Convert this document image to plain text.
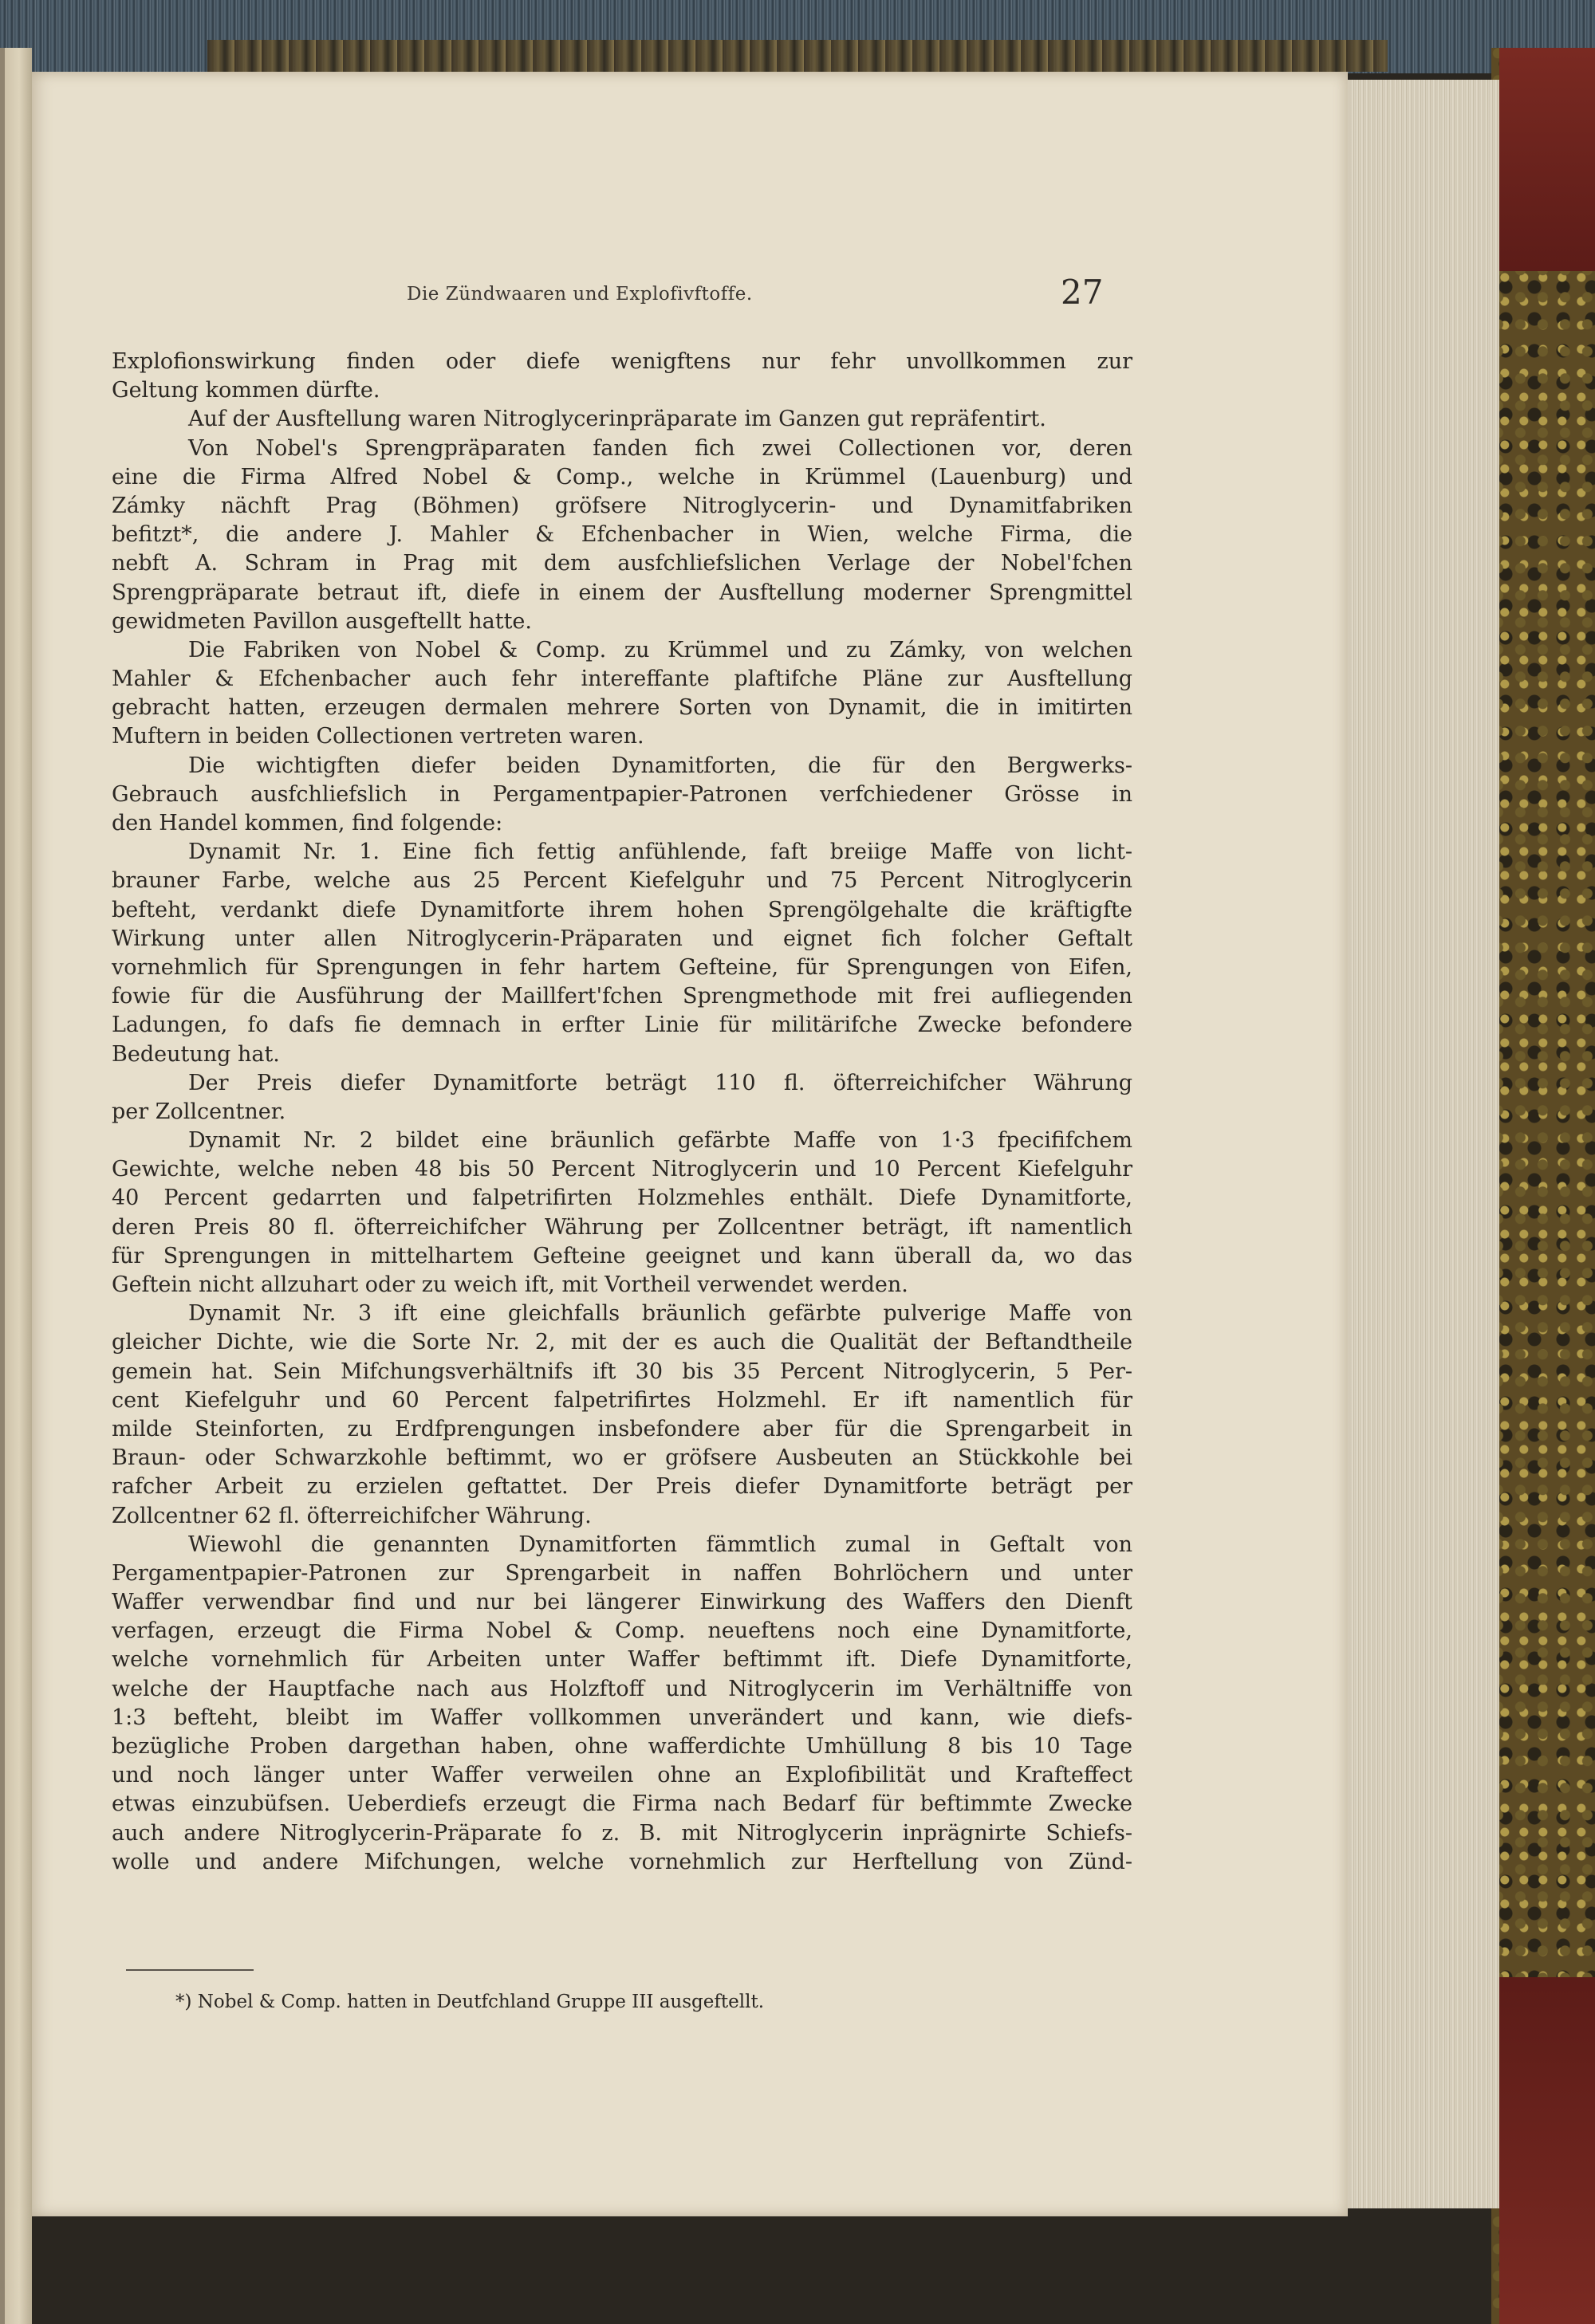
Die Zündwaaren und Explofivftoffe.	27
Explofionswirkung finden oder diefe wenigftens nur fehr unvollkommen zur
Geltung kommen dürfte.
Auf der Ausftellung waren Nitroglycerinpräparate im Ganzen gut repräfentirt.
Von Nobel's Sprengpräparaten fanden fich zwei Collectionen vor, deren
eine die Firma Alfred Nobel & Comp., welche in Krümmel (Lauenburg) und
Zámky nächft Prag (Böhmen) gröfsere Nitroglycerin- und Dynamitfabriken
befitzt*, die andere J. Mahler & Efchenbacher in Wien, welche Firma, die
nebft A. Schram in Prag mit dem ausfchliefslichen Verlage der Nobel'fchen
Sprengpräparate betraut ift, diefe in einem der Ausftellung moderner Sprengmittel
gewidmeten Pavillon ausgeftellt hatte.
Die Fabriken von Nobel & Comp. zu Krümmel und zu Zámky, von welchen
Mahler & Efchenbacher auch fehr intereffante plaftifche Pläne zur Ausftellung
gebracht hatten, erzeugen dermalen mehrere Sorten von Dynamit, die in imitirten
Muftern in beiden Collectionen vertreten waren.
Die wichtigften diefer beiden Dynamitforten, die für den Bergwerks-
Gebrauch ausfchliefslich in Pergamentpapier-Patronen verfchiedener Grösse in
den Handel kommen, find folgende:
Dynamit Nr. 1. Eine fich fettig anfühlende, faft breiige Maffe von licht-
brauner Farbe, welche aus 25 Percent Kiefelguhr und 75 Percent Nitroglycerin
befteht, verdankt diefe Dynamitforte ihrem hohen Sprengölgehalte die kräftigfte
Wirkung unter allen Nitroglycerin-Präparaten und eignet fich folcher Geftalt
vornehmlich für Sprengungen in fehr hartem Gefteine, für Sprengungen von Eifen,
fowie für die Ausführung der Maillfert'fchen Sprengmethode mit frei aufliegenden
Ladungen, fo dafs fie demnach in erfter Linie für militärifche Zwecke befondere
Bedeutung hat.
Der Preis diefer Dynamitforte beträgt 110 fl. öfterreichifcher Währung
per Zollcentner.
Dynamit Nr. 2 bildet eine bräunlich gefärbte Maffe von 1·3 fpecififchem
Gewichte, welche neben 48 bis 50 Percent Nitroglycerin und 10 Percent Kiefelguhr
40 Percent gedarrten und falpetrifirten Holzmehles enthält. Diefe Dynamitforte,
deren Preis 80 fl. öfterreichifcher Währung per Zollcentner beträgt, ift namentlich
für Sprengungen in mittelhartem Gefteine geeignet und kann überall da, wo das
Geftein nicht allzuhart oder zu weich ift, mit Vortheil verwendet werden.
Dynamit Nr. 3 ift eine gleichfalls bräunlich gefärbte pulverige Maffe von
gleicher Dichte, wie die Sorte Nr. 2, mit der es auch die Qualität der Beftandtheile
gemein hat. Sein Mifchungsverhältnifs ift 30 bis 35 Percent Nitroglycerin, 5 Per-
cent Kiefelguhr und 60 Percent falpetrifirtes Holzmehl. Er ift namentlich für
milde Steinforten, zu Erdfprengungen insbefondere aber für die Sprengarbeit in
Braun- oder Schwarzkohle beftimmt, wo er gröfsere Ausbeuten an Stückkohle bei
rafcher Arbeit zu erzielen geftattet. Der Preis diefer Dynamitforte beträgt per
Zollcentner 62 fl. öfterreichifcher Währung.
Wiewohl die genannten Dynamitforten fämmtlich zumal in Geftalt von
Pergamentpapier-Patronen zur Sprengarbeit in naffen Bohrlöchern und unter
Waffer verwendbar find und nur bei längerer Einwirkung des Waffers den Dienft
verfagen, erzeugt die Firma Nobel & Comp. neueftens noch eine Dynamitforte,
welche vornehmlich für Arbeiten unter Waffer beftimmt ift. Diefe Dynamitforte,
welche der Hauptfache nach aus Holzftoff und Nitroglycerin im Verhältniffe von
1:3 befteht, bleibt im Waffer vollkommen unverändert und kann, wie diefs-
bezügliche Proben dargethan haben, ohne wafferdichte Umhüllung 8 bis 10 Tage
und noch länger unter Waffer verweilen ohne an Explofibilität und Krafteffect
etwas einzubüfsen. Ueberdiefs erzeugt die Firma nach Bedarf für beftimmte Zwecke
auch andere Nitroglycerin-Präparate fo z. B. mit Nitroglycerin inprägnirte Schiefs-
wolle und andere Mifchungen, welche vornehmlich zur Herftellung von Zünd-
*) Nobel & Comp. hatten in Deutfchland Gruppe III ausgeftellt.
